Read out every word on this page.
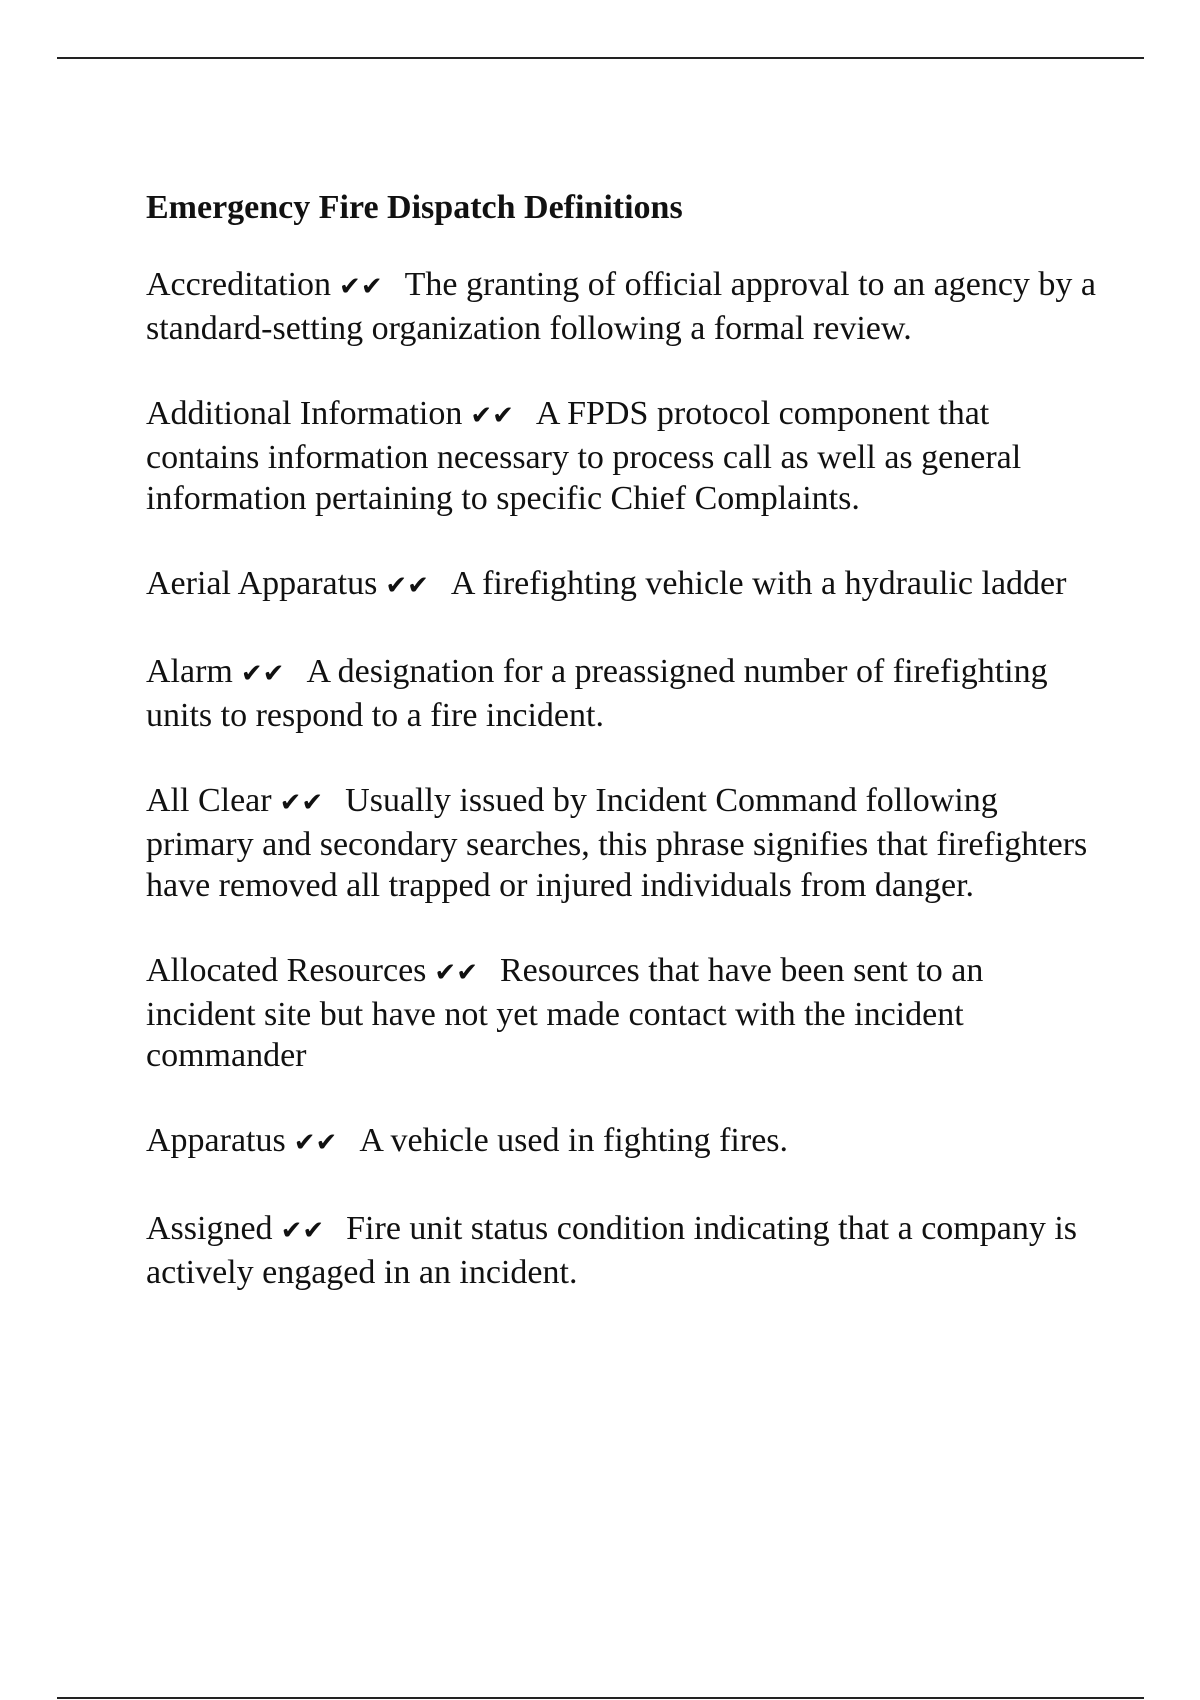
Emergency Fire Dispatch Definitions

Accreditation ✔✔ The granting of official approval to an agency by a standard-setting organization following a formal review.

Additional Information ✔✔ A FPDS protocol component that contains information necessary to process call as well as general information pertaining to specific Chief Complaints.

Aerial Apparatus ✔✔ A firefighting vehicle with a hydraulic ladder

Alarm ✔✔ A designation for a preassigned number of firefighting units to respond to a fire incident.

All Clear ✔✔ Usually issued by Incident Command following primary and secondary searches, this phrase signifies that firefighters have removed all trapped or injured individuals from danger.

Allocated Resources ✔✔ Resources that have been sent to an incident site but have not yet made contact with the incident commander

Apparatus ✔✔ A vehicle used in fighting fires.

Assigned ✔✔ Fire unit status condition indicating that a company is actively engaged in an incident.
